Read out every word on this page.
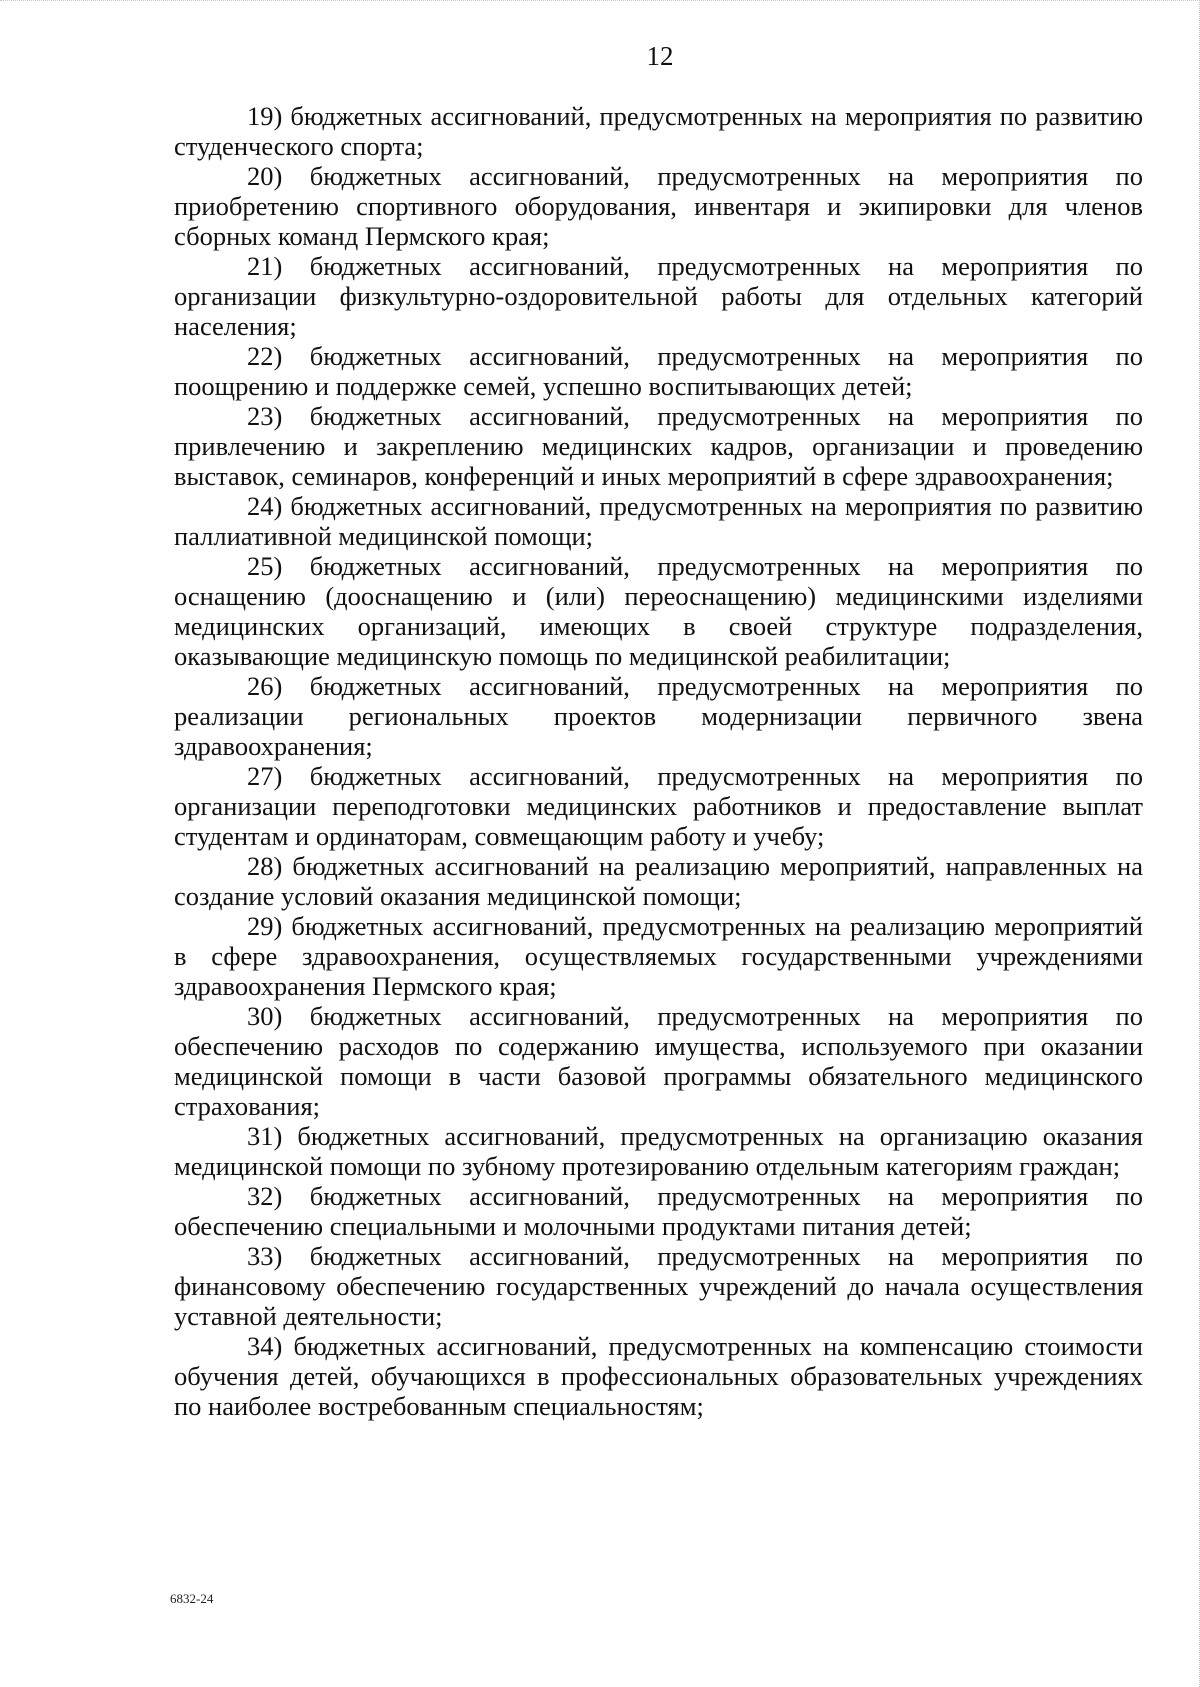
12

19) бюджетных ассигнований, предусмотренных на мероприятия по развитию студенческого спорта;

20) бюджетных ассигнований, предусмотренных на мероприятия по приобретению спортивного оборудования, инвентаря и экипировки для членов сборных команд Пермского края;

21) бюджетных ассигнований, предусмотренных на мероприятия по организации физкультурно-оздоровительной работы для отдельных категорий населения;

22) бюджетных ассигнований, предусмотренных на мероприятия по поощрению и поддержке семей, успешно воспитывающих детей;

23) бюджетных ассигнований, предусмотренных на мероприятия по привлечению и закреплению медицинских кадров, организации и проведению выставок, семинаров, конференций и иных мероприятий в сфере здравоохранения;

24) бюджетных ассигнований, предусмотренных на мероприятия по развитию паллиативной медицинской помощи;

25) бюджетных ассигнований, предусмотренных на мероприятия по оснащению (дооснащению и (или) переоснащению) медицинскими изделиями медицинских организаций, имеющих в своей структуре подразделения, оказывающие медицинскую помощь по медицинской реабилитации;

26) бюджетных ассигнований, предусмотренных на мероприятия по реализации региональных проектов модернизации первичного звена здравоохранения;

27) бюджетных ассигнований, предусмотренных на мероприятия по организации переподготовки медицинских работников и предоставление выплат студентам и ординаторам, совмещающим работу и учебу;

28) бюджетных ассигнований на реализацию мероприятий, направленных на создание условий оказания медицинской помощи;

29) бюджетных ассигнований, предусмотренных на реализацию мероприятий в сфере здравоохранения, осуществляемых государственными учреждениями здравоохранения Пермского края;

30) бюджетных ассигнований, предусмотренных на мероприятия по обеспечению расходов по содержанию имущества, используемого при оказании медицинской помощи в части базовой программы обязательного медицинского страхования;

31) бюджетных ассигнований, предусмотренных на организацию оказания медицинской помощи по зубному протезированию отдельным категориям граждан;

32) бюджетных ассигнований, предусмотренных на мероприятия по обеспечению специальными и молочными продуктами питания детей;

33) бюджетных ассигнований, предусмотренных на мероприятия по финансовому обеспечению государственных учреждений до начала осуществления уставной деятельности;

34) бюджетных ассигнований, предусмотренных на компенсацию стоимости обучения детей, обучающихся в профессиональных образовательных учреждениях по наиболее востребованным специальностям;

6832-24
